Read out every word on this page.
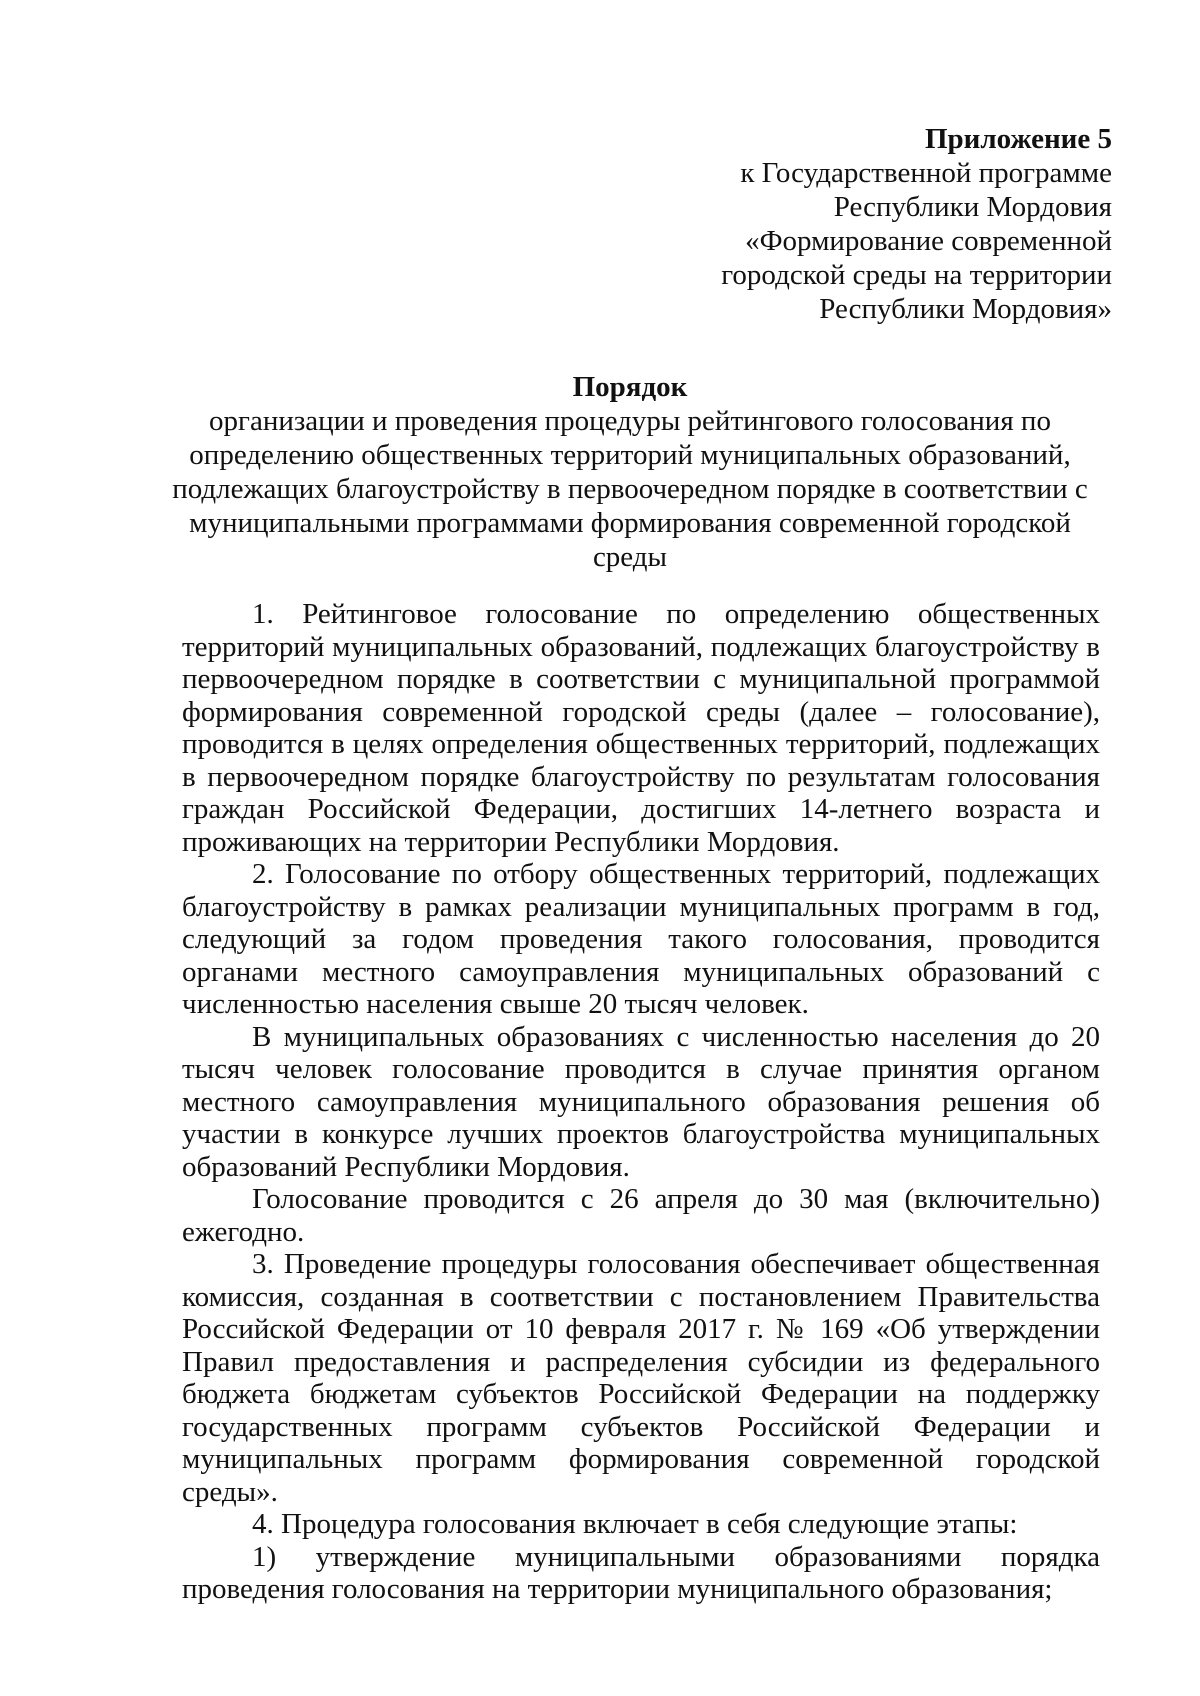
Приложение 5
к Государственной программе
Республики Мордовия
«Формирование современной
городской среды на территории
Республики Мордовия»
Порядок
организации и проведения процедуры рейтингового голосования по
определению общественных территорий муниципальных образований,
подлежащих благоустройству в первоочередном порядке в соответствии с
муниципальными программами формирования современной городской среды

1. Рейтинговое голосование по определению общественных территорий муниципальных образований, подлежащих благоустройству в первоочередном порядке в соответствии с муниципальной программой формирования современной городской среды (далее – голосование), проводится в целях определения общественных территорий, подлежащих в первоочередном порядке благоустройству по результатам голосования граждан Российской Федерации, достигших 14-летнего возраста и проживающих на территории Республики Мордовия.

2. Голосование по отбору общественных территорий, подлежащих благоустройству в рамках реализации муниципальных программ в год, следующий за годом проведения такого голосования, проводится органами местного самоуправления муниципальных образований с численностью населения свыше 20 тысяч человек.

В муниципальных образованиях с численностью населения до 20 тысяч человек голосование проводится в случае принятия органом местного самоуправления муниципального образования решения об участии в конкурсе лучших проектов благоустройства муниципальных образований Республики Мордовия.

Голосование проводится с 26 апреля до 30 мая (включительно) ежегодно.

3. Проведение процедуры голосования обеспечивает общественная комиссия, созданная в соответствии с постановлением Правительства Российской Федерации от 10 февраля 2017 г. № 169 «Об утверждении Правил предоставления и распределения субсидии из федерального бюджета бюджетам субъектов Российской Федерации на поддержку государственных программ субъектов Российской Федерации и муниципальных программ формирования современной городской среды».

4. Процедура голосования включает в себя следующие этапы:

1) утверждение муниципальными образованиями порядка проведения голосования на территории муниципального образования;
